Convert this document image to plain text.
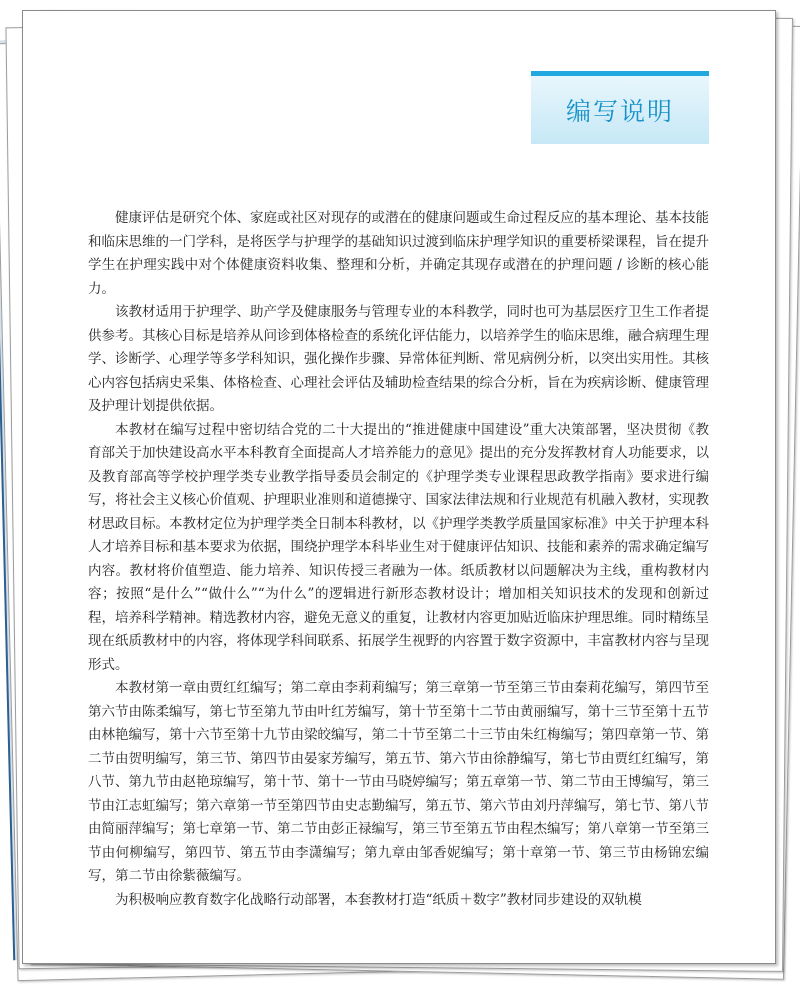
编写说明

健康评估是研究个体、家庭或社区对现存的或潜在的健康问题或生命过程反应的基本理论、基本技能和临床思维的一门学科，是将医学与护理学的基础知识过渡到临床护理学知识的重要桥梁课程，旨在提升学生在护理实践中对个体健康资料收集、整理和分析，并确定其现存或潜在的护理问题 / 诊断的核心能力。

该教材适用于护理学、助产学及健康服务与管理专业的本科教学，同时也可为基层医疗卫生工作者提供参考。其核心目标是培养从问诊到体格检查的系统化评估能力，以培养学生的临床思维，融合病理生理学、诊断学、心理学等多学科知识，强化操作步骤、异常体征判断、常见病例分析，以突出实用性。其核心内容包括病史采集、体格检查、心理社会评估及辅助检查结果的综合分析，旨在为疾病诊断、健康管理及护理计划提供依据。

本教材在编写过程中密切结合党的二十大提出的“推进健康中国建设”重大决策部署，坚决贯彻《教育部关于加快建设高水平本科教育全面提高人才培养能力的意见》提出的充分发挥教材育人功能要求，以及教育部高等学校护理学类专业教学指导委员会制定的《护理学类专业课程思政教学指南》要求进行编写，将社会主义核心价值观、护理职业准则和道德操守、国家法律法规和行业规范有机融入教材，实现教材思政目标。本教材定位为护理学类全日制本科教材，以《护理学类教学质量国家标准》中关于护理本科人才培养目标和基本要求为依据，围绕护理学本科毕业生对于健康评估知识、技能和素养的需求确定编写内容。教材将价值塑造、能力培养、知识传授三者融为一体。纸质教材以问题解决为主线，重构教材内容；按照“是什么”“做什么”“为什么”的逻辑进行新形态教材设计；增加相关知识技术的发现和创新过程，培养科学精神。精选教材内容，避免无意义的重复，让教材内容更加贴近临床护理思维。同时精练呈现在纸质教材中的内容，将体现学科间联系、拓展学生视野的内容置于数字资源中，丰富教材内容与呈现形式。

本教材第一章由贾红红编写；第二章由李莉莉编写；第三章第一节至第三节由秦莉花编写，第四节至第六节由陈柔编写，第七节至第九节由叶红芳编写，第十节至第十二节由黄丽编写，第十三节至第十五节由林艳编写，第十六节至第十九节由梁皎编写，第二十节至第二十三节由朱红梅编写；第四章第一节、第二节由贺明编写，第三节、第四节由晏家芳编写，第五节、第六节由徐静编写，第七节由贾红红编写，第八节、第九节由赵艳琼编写，第十节、第十一节由马晓婷编写；第五章第一节、第二节由王博编写，第三节由江志虹编写；第六章第一节至第四节由史志勤编写，第五节、第六节由刘丹萍编写，第七节、第八节由简丽萍编写；第七章第一节、第二节由彭正禄编写，第三节至第五节由程杰编写；第八章第一节至第三节由何柳编写，第四节、第五节由李潇编写；第九章由邹香妮编写；第十章第一节、第三节由杨锦宏编写，第二节由徐紫薇编写。

为积极响应教育数字化战略行动部署，本套教材打造“纸质＋数字”教材同步建设的双轨模
